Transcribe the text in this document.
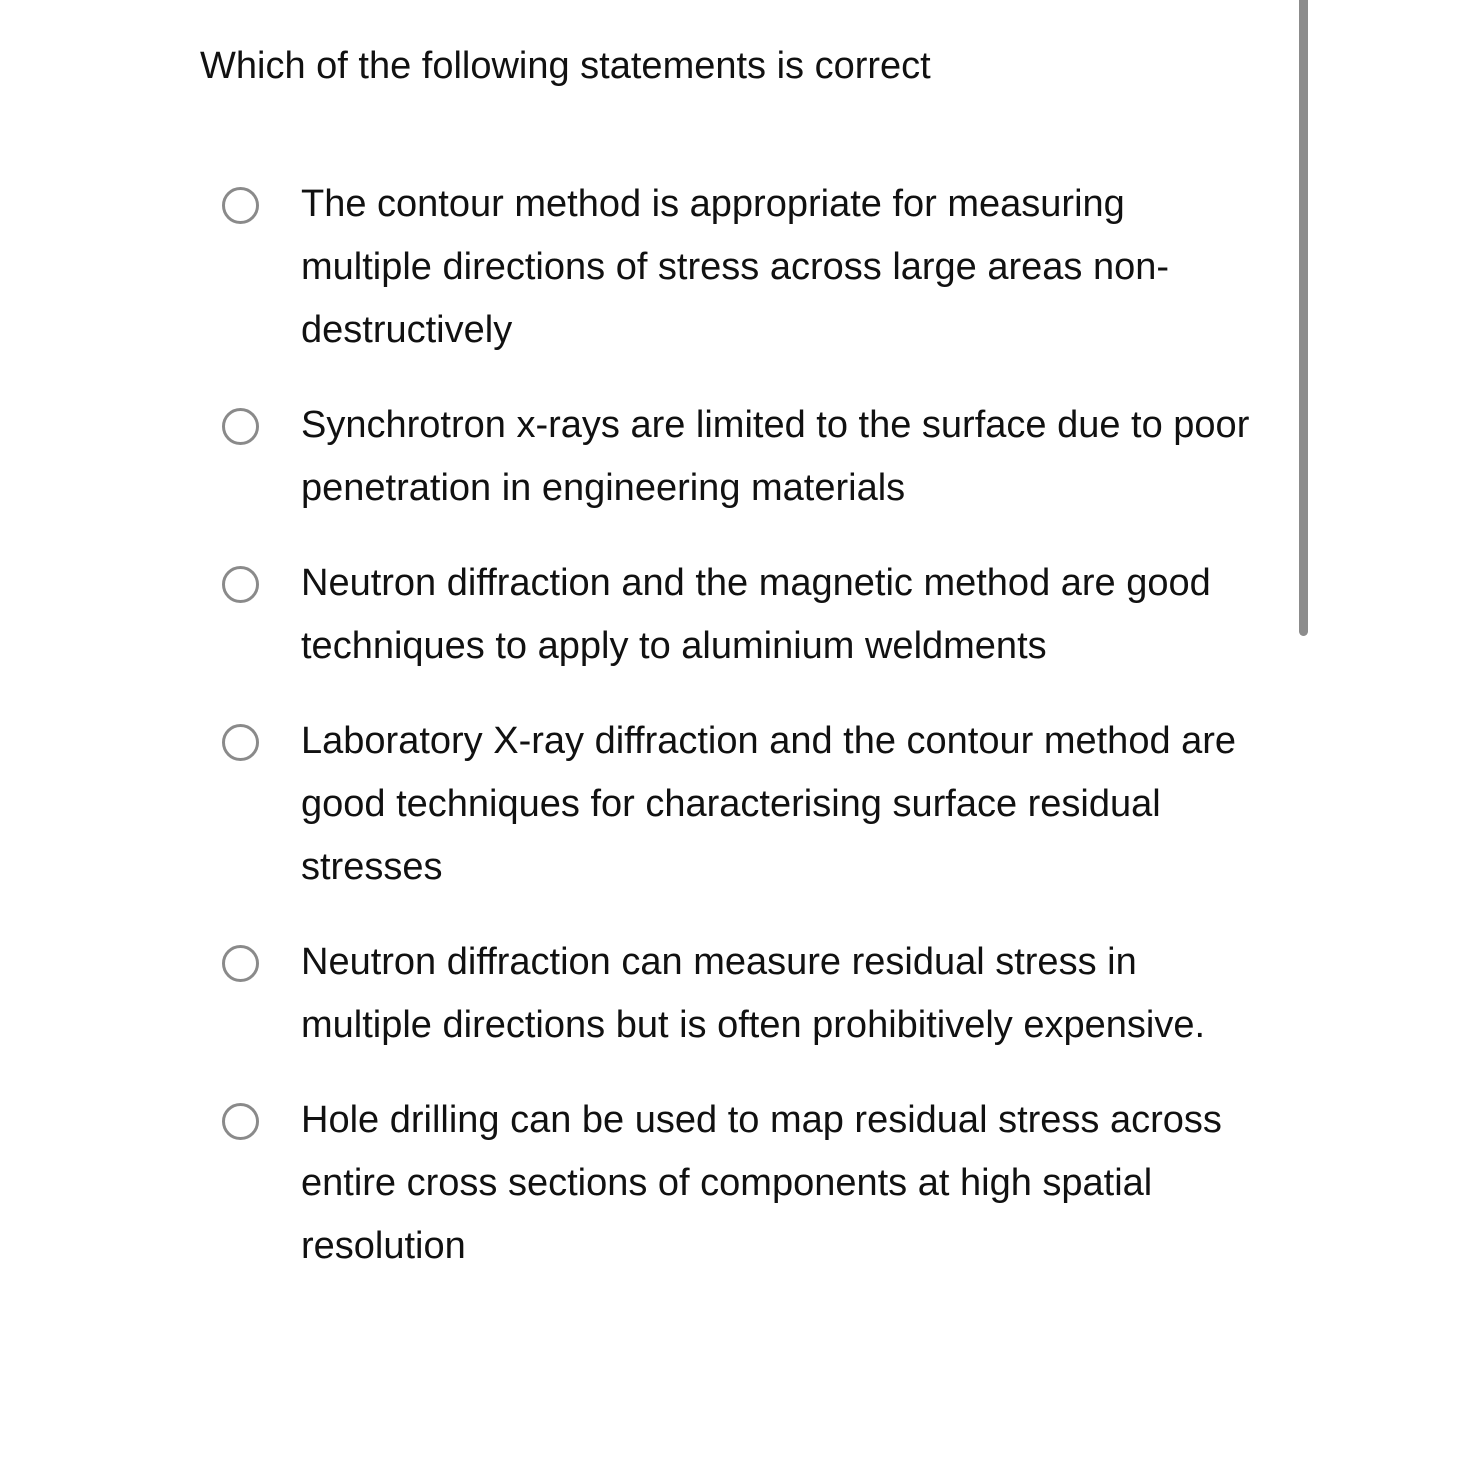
Which of the following statements is correct
The contour method is appropriate for measuring multiple directions of stress across large areas non-destructively
Synchrotron x-rays are limited to the surface due to poor penetration in engineering materials
Neutron diffraction and the magnetic method are good techniques to apply to aluminium weldments
Laboratory X-ray diffraction and the contour method are good techniques for characterising surface residual stresses
Neutron diffraction can measure residual stress in multiple directions but is often prohibitively expensive.
Hole drilling can be used to map residual stress across entire cross sections of components at high spatial resolution
